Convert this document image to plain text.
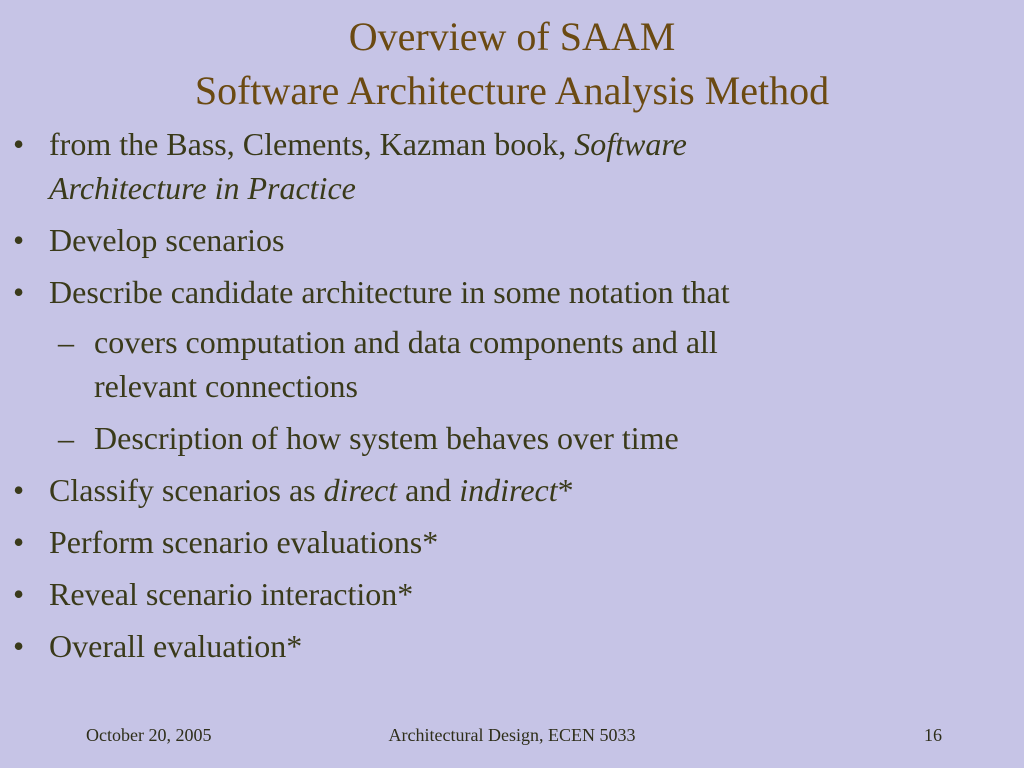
Overview of SAAM
Software Architecture Analysis Method
• from the Bass, Clements, Kazman book, Software
Architecture in Practice
• Develop scenarios
• Describe candidate architecture in some notation that
– covers computation and data components and all
relevant connections
– Description of how system behaves over time
• Classify scenarios as direct and indirect*
• Perform scenario evaluations*
• Reveal scenario interaction*
• Overall evaluation*
October 20, 2005	Architectural Design, ECEN 5033	16
